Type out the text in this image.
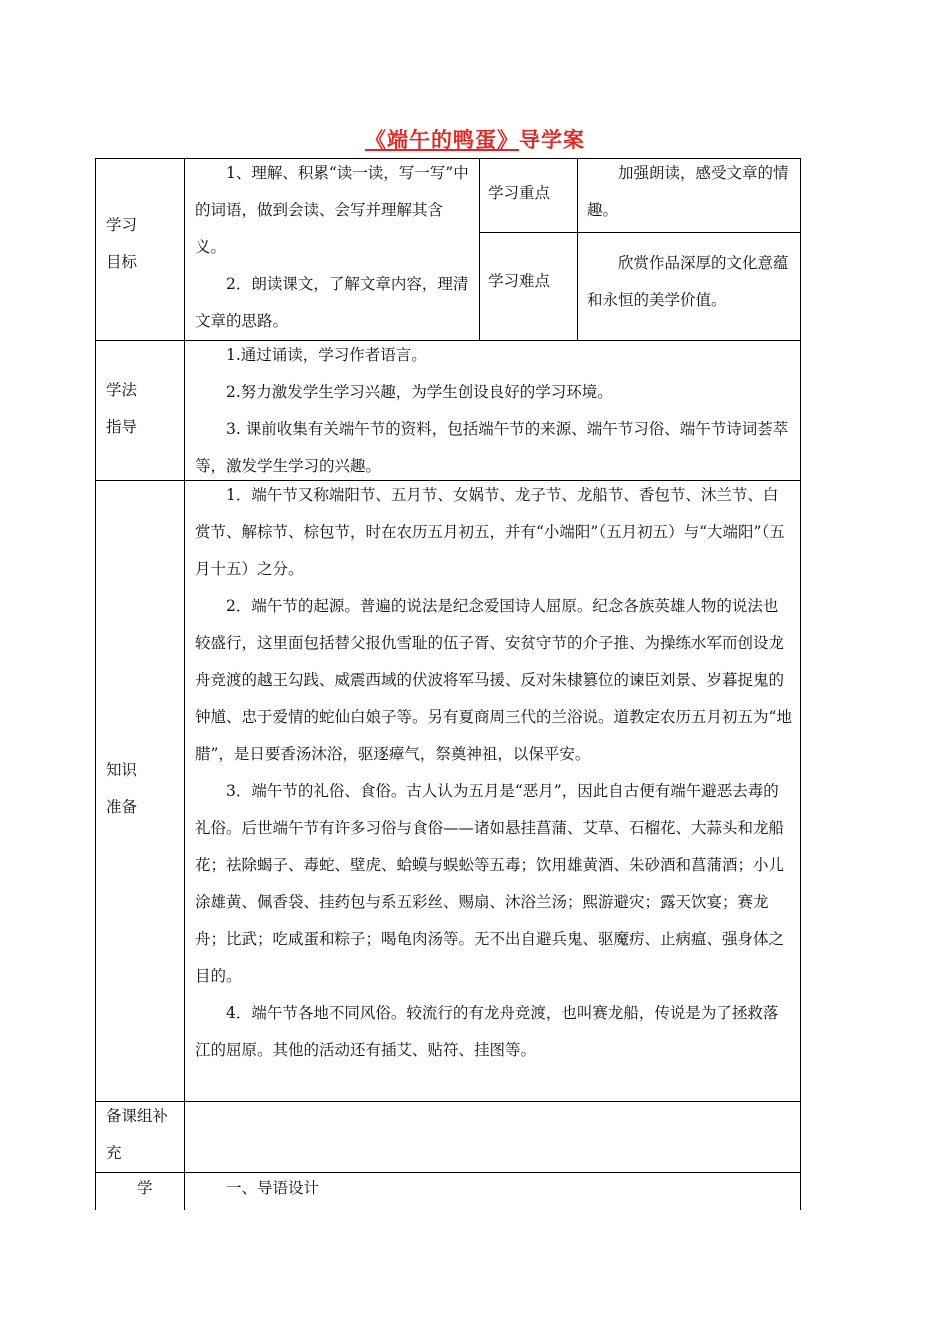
《端午的鸭蛋》导学案
学习
目标

1、理解、积累“读一读，写一写”中的词语，做到会读、会写并理解其含义。

2．朗读课文，了解文章内容，理清文章的思路。

学习重点

加强朗读，感受文章的情趣。

学习难点

欣赏作品深厚的文化意蕴和永恒的美学价值。

学法
指导

1.通过诵读，学习作者语言。

2.努力激发学生学习兴趣，为学生创设良好的学习环境。

3. 课前收集有关端午节的资料，包括端午节的来源、端午节习俗、端午节诗词荟萃等，激发学生学习的兴趣。

知识
准备

1．端午节又称端阳节、五月节、女娲节、龙子节、龙船节、香包节、沐兰节、白赏节、解棕节、棕包节，时在农历五月初五，并有“小端阳”（五月初五）与“大端阳”（五月十五）之分。

2．端午节的起源。普遍的说法是纪念爱国诗人屈原。纪念各族英雄人物的说法也较盛行，这里面包括替父报仇雪耻的伍子胥、安贫守节的介子推、为操练水军而创设龙舟竞渡的越王勾践、威震西域的伏波将军马援、反对朱棣篡位的谏臣刘景、岁暮捉鬼的钟馗、忠于爱情的蛇仙白娘子等。另有夏商周三代的兰浴说。道教定农历五月初五为“地腊”，是日要香汤沐浴，驱逐瘴气，祭奠神祖，以保平安。

3．端午节的礼俗、食俗。古人认为五月是“恶月”，因此自古便有端午避恶去毒的礼俗。后世端午节有许多习俗与食俗——诸如悬挂菖蒲、艾草、石榴花、大蒜头和龙船花；祛除蝎子、毒蛇、壁虎、蛤蟆与蜈蚣等五毒；饮用雄黄酒、朱砂酒和菖蒲酒；小儿涂雄黄、佩香袋、挂药包与系五彩丝、赐扇、沐浴兰汤；熙游避灾；露天饮宴；赛龙舟；比武；吃咸蛋和粽子；喝龟肉汤等。无不出自避兵鬼、驱魔疠、止病瘟、强身体之目的。

4．端午节各地不同风俗。较流行的有龙舟竞渡，也叫赛龙船，传说是为了拯救落江的屈原。其他的活动还有插艾、贴符、挂图等。

备课组补充
学	一、导语设计
